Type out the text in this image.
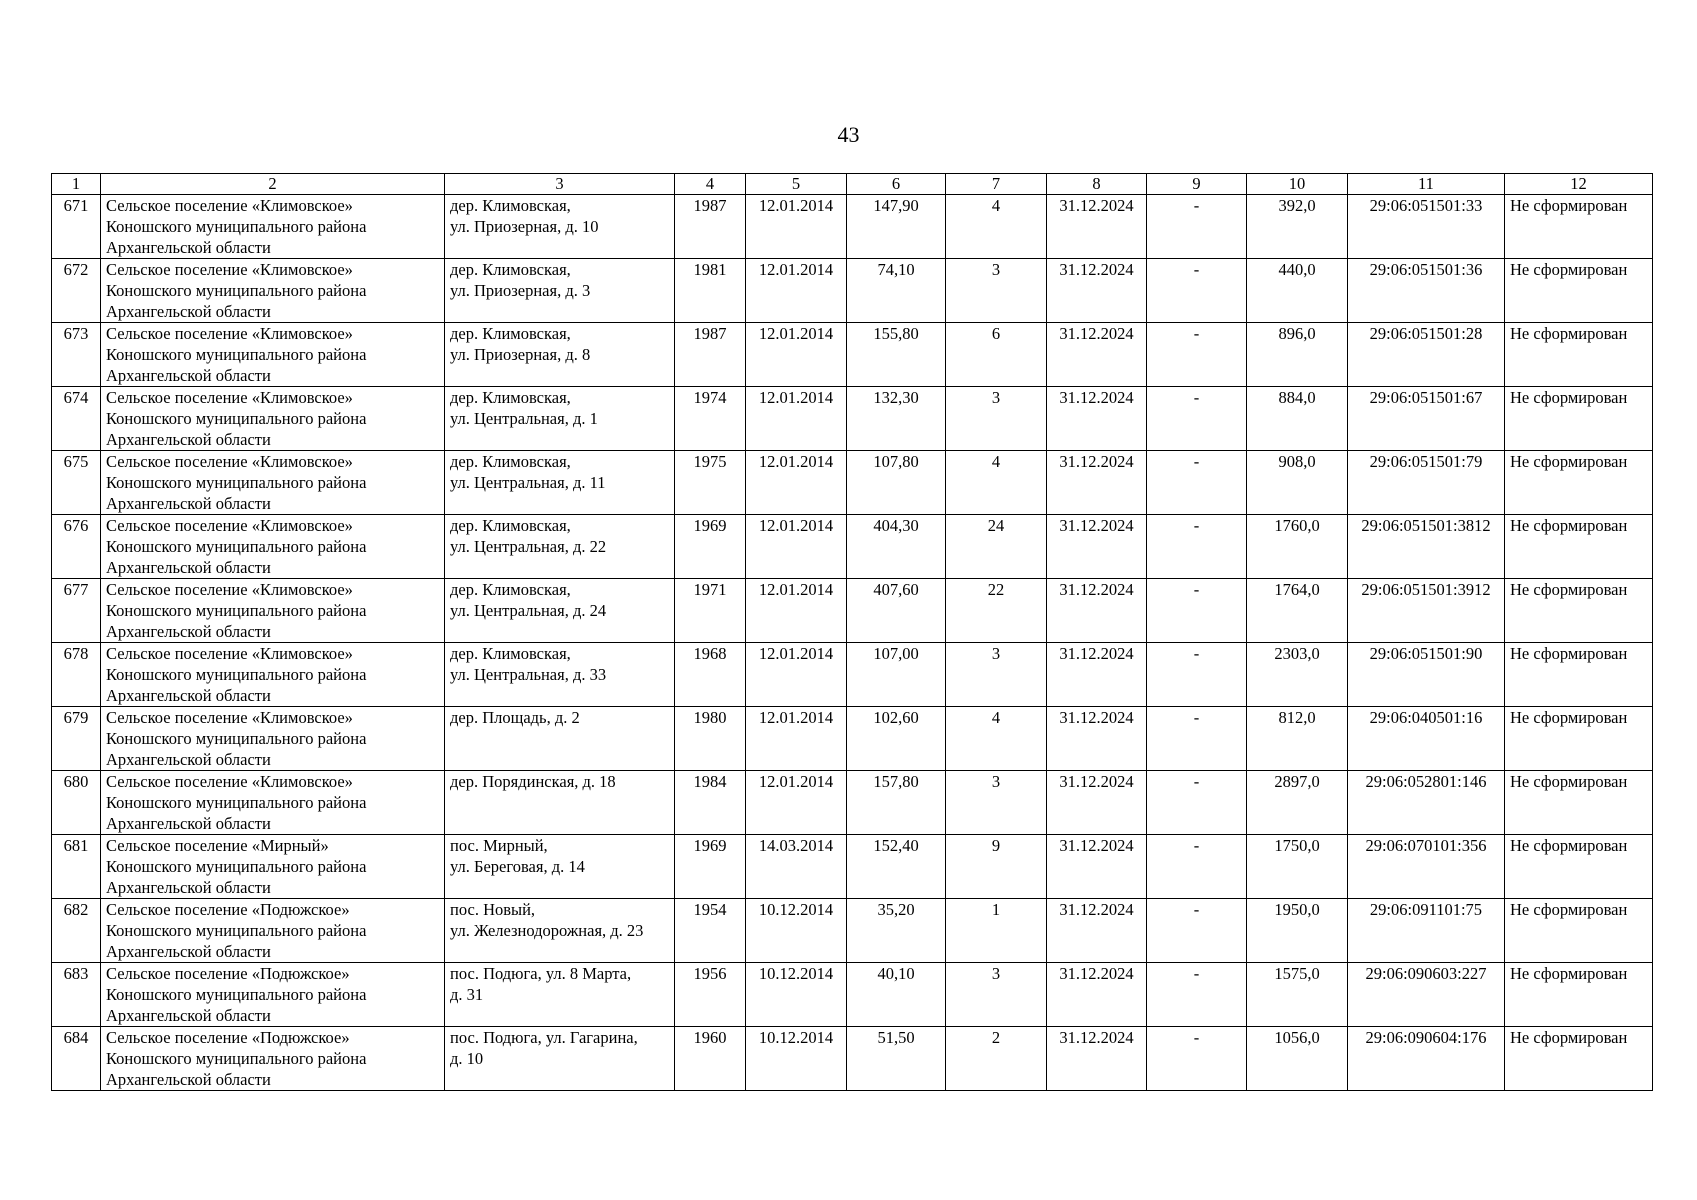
43
1	2	3	4	5	6	7	8	9	10	11	12
671	Сельское поселение «Климовское»
Коношского муниципального района
Архангельской области	дер. Климовская,
ул. Приозерная, д. 10	1987	12.01.2014	147,90	4	31.12.2024	-	392,0	29:06:051501:33	Не сформирован
672	Сельское поселение «Климовское»
Коношского муниципального района
Архангельской области	дер. Климовская,
ул. Приозерная, д. 3	1981	12.01.2014	74,10	3	31.12.2024	-	440,0	29:06:051501:36	Не сформирован
673	Сельское поселение «Климовское»
Коношского муниципального района
Архангельской области	дер. Климовская,
ул. Приозерная, д. 8	1987	12.01.2014	155,80	6	31.12.2024	-	896,0	29:06:051501:28	Не сформирован
674	Сельское поселение «Климовское»
Коношского муниципального района
Архангельской области	дер. Климовская,
ул. Центральная, д. 1	1974	12.01.2014	132,30	3	31.12.2024	-	884,0	29:06:051501:67	Не сформирован
675	Сельское поселение «Климовское»
Коношского муниципального района
Архангельской области	дер. Климовская,
ул. Центральная, д. 11	1975	12.01.2014	107,80	4	31.12.2024	-	908,0	29:06:051501:79	Не сформирован
676	Сельское поселение «Климовское»
Коношского муниципального района
Архангельской области	дер. Климовская,
ул. Центральная, д. 22	1969	12.01.2014	404,30	24	31.12.2024	-	1760,0	29:06:051501:3812	Не сформирован
677	Сельское поселение «Климовское»
Коношского муниципального района
Архангельской области	дер. Климовская,
ул. Центральная, д. 24	1971	12.01.2014	407,60	22	31.12.2024	-	1764,0	29:06:051501:3912	Не сформирован
678	Сельское поселение «Климовское»
Коношского муниципального района
Архангельской области	дер. Климовская,
ул. Центральная, д. 33	1968	12.01.2014	107,00	3	31.12.2024	-	2303,0	29:06:051501:90	Не сформирован
679	Сельское поселение «Климовское»
Коношского муниципального района
Архангельской области	дер. Площадь, д. 2	1980	12.01.2014	102,60	4	31.12.2024	-	812,0	29:06:040501:16	Не сформирован
680	Сельское поселение «Климовское»
Коношского муниципального района
Архангельской области	дер. Порядинская, д. 18	1984	12.01.2014	157,80	3	31.12.2024	-	2897,0	29:06:052801:146	Не сформирован
681	Сельское поселение «Мирный»
Коношского муниципального района
Архангельской области	пос. Мирный,
ул. Береговая, д. 14	1969	14.03.2014	152,40	9	31.12.2024	-	1750,0	29:06:070101:356	Не сформирован
682	Сельское поселение «Подюжское»
Коношского муниципального района
Архангельской области	пос. Новый,
ул. Железнодорожная, д. 23	1954	10.12.2014	35,20	1	31.12.2024	-	1950,0	29:06:091101:75	Не сформирован
683	Сельское поселение «Подюжское»
Коношского муниципального района
Архангельской области	пос. Подюга, ул. 8 Марта,
д. 31	1956	10.12.2014	40,10	3	31.12.2024	-	1575,0	29:06:090603:227	Не сформирован
684	Сельское поселение «Подюжское»
Коношского муниципального района
Архангельской области	пос. Подюга, ул. Гагарина,
д. 10	1960	10.12.2014	51,50	2	31.12.2024	-	1056,0	29:06:090604:176	Не сформирован
